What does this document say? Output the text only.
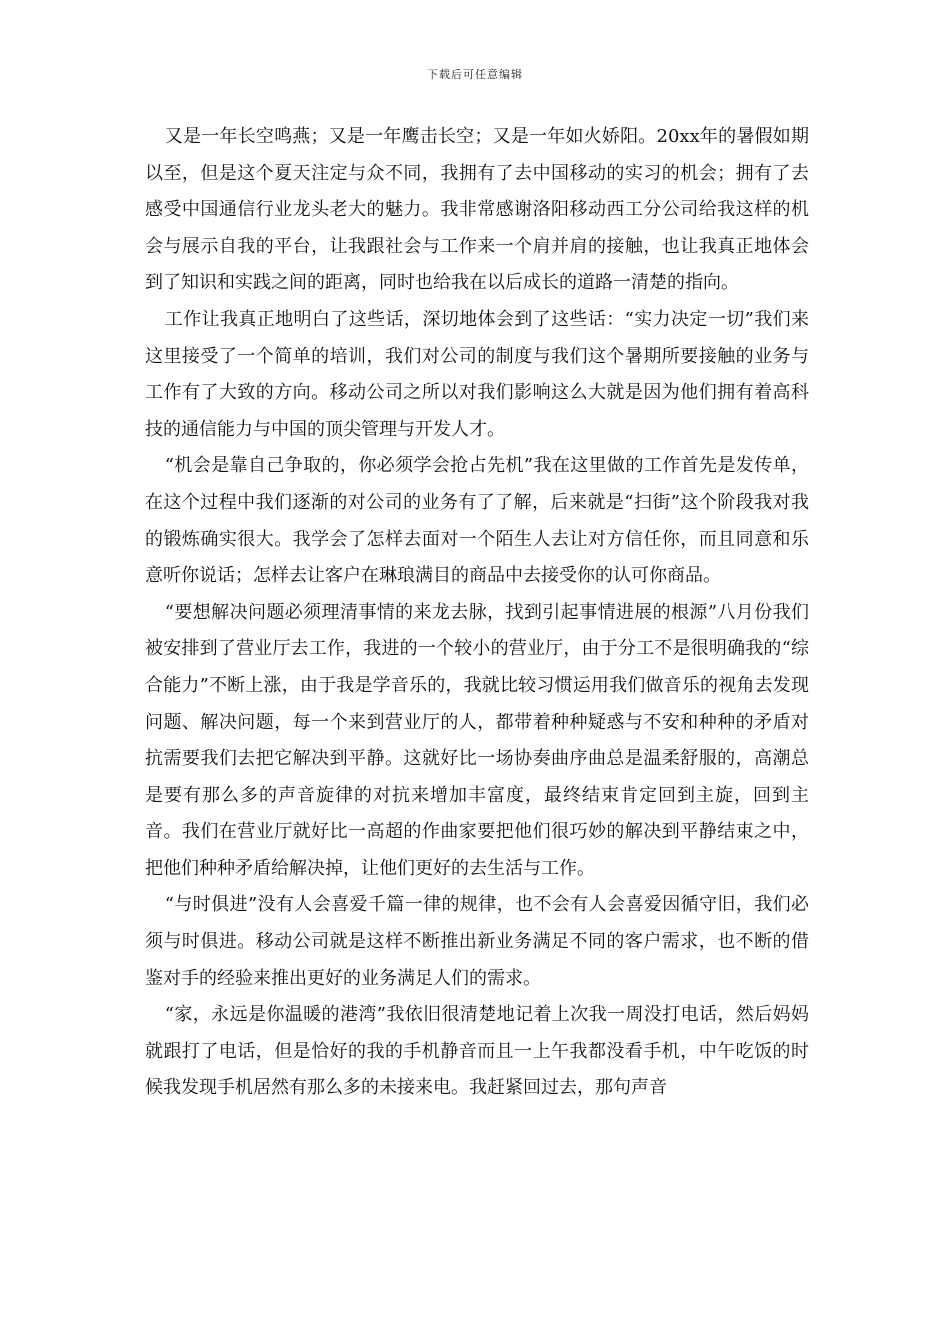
下载后可任意编辑

又是一年长空鸣燕；又是一年鹰击长空；又是一年如火娇阳。20xx年的暑假如期以至，但是这个夏天注定与众不同，我拥有了去中国移动的实习的机会；拥有了去感受中国通信行业龙头老大的魅力。我非常感谢洛阳移动西工分公司给我这样的机会与展示自我的平台，让我跟社会与工作来一个肩并肩的接触，也让我真正地体会到了知识和实践之间的距离，同时也给我在以后成长的道路一清楚的指向。

工作让我真正地明白了这些话，深切地体会到了这些话：“实力决定一切”我们来这里接受了一个简单的培训，我们对公司的制度与我们这个暑期所要接触的业务与工作有了大致的方向。移动公司之所以对我们影响这么大就是因为他们拥有着高科技的通信能力与中国的顶尖管理与开发人才。

“机会是靠自己争取的，你必须学会抢占先机”我在这里做的工作首先是发传单，在这个过程中我们逐渐的对公司的业务有了了解，后来就是“扫街”这个阶段我对我的锻炼确实很大。我学会了怎样去面对一个陌生人去让对方信任你，而且同意和乐意听你说话；怎样去让客户在琳琅满目的商品中去接受你的认可你商品。

“要想解决问题必须理清事情的来龙去脉，找到引起事情进展的根源”八月份我们被安排到了营业厅去工作，我进的一个较小的营业厅，由于分工不是很明确我的“综合能力”不断上涨，由于我是学音乐的，我就比较习惯运用我们做音乐的视角去发现问题、解决问题，每一个来到营业厅的人，都带着种种疑惑与不安和种种的矛盾对抗需要我们去把它解决到平静。这就好比一场协奏曲序曲总是温柔舒服的，高潮总是要有那么多的声音旋律的对抗来增加丰富度，最终结束肯定回到主旋，回到主音。我们在营业厅就好比一高超的作曲家要把他们很巧妙的解决到平静结束之中，把他们种种矛盾给解决掉，让他们更好的去生活与工作。

“与时俱进”没有人会喜爱千篇一律的规律，也不会有人会喜爱因循守旧，我们必须与时俱进。移动公司就是这样不断推出新业务满足不同的客户需求，也不断的借鉴对手的经验来推出更好的业务满足人们的需求。

“家，永远是你温暖的港湾”我依旧很清楚地记着上次我一周没打电话，然后妈妈就跟打了电话，但是恰好的我的手机静音而且一上午我都没看手机，中午吃饭的时候我发现手机居然有那么多的未接来电。我赶紧回过去，那句声音
